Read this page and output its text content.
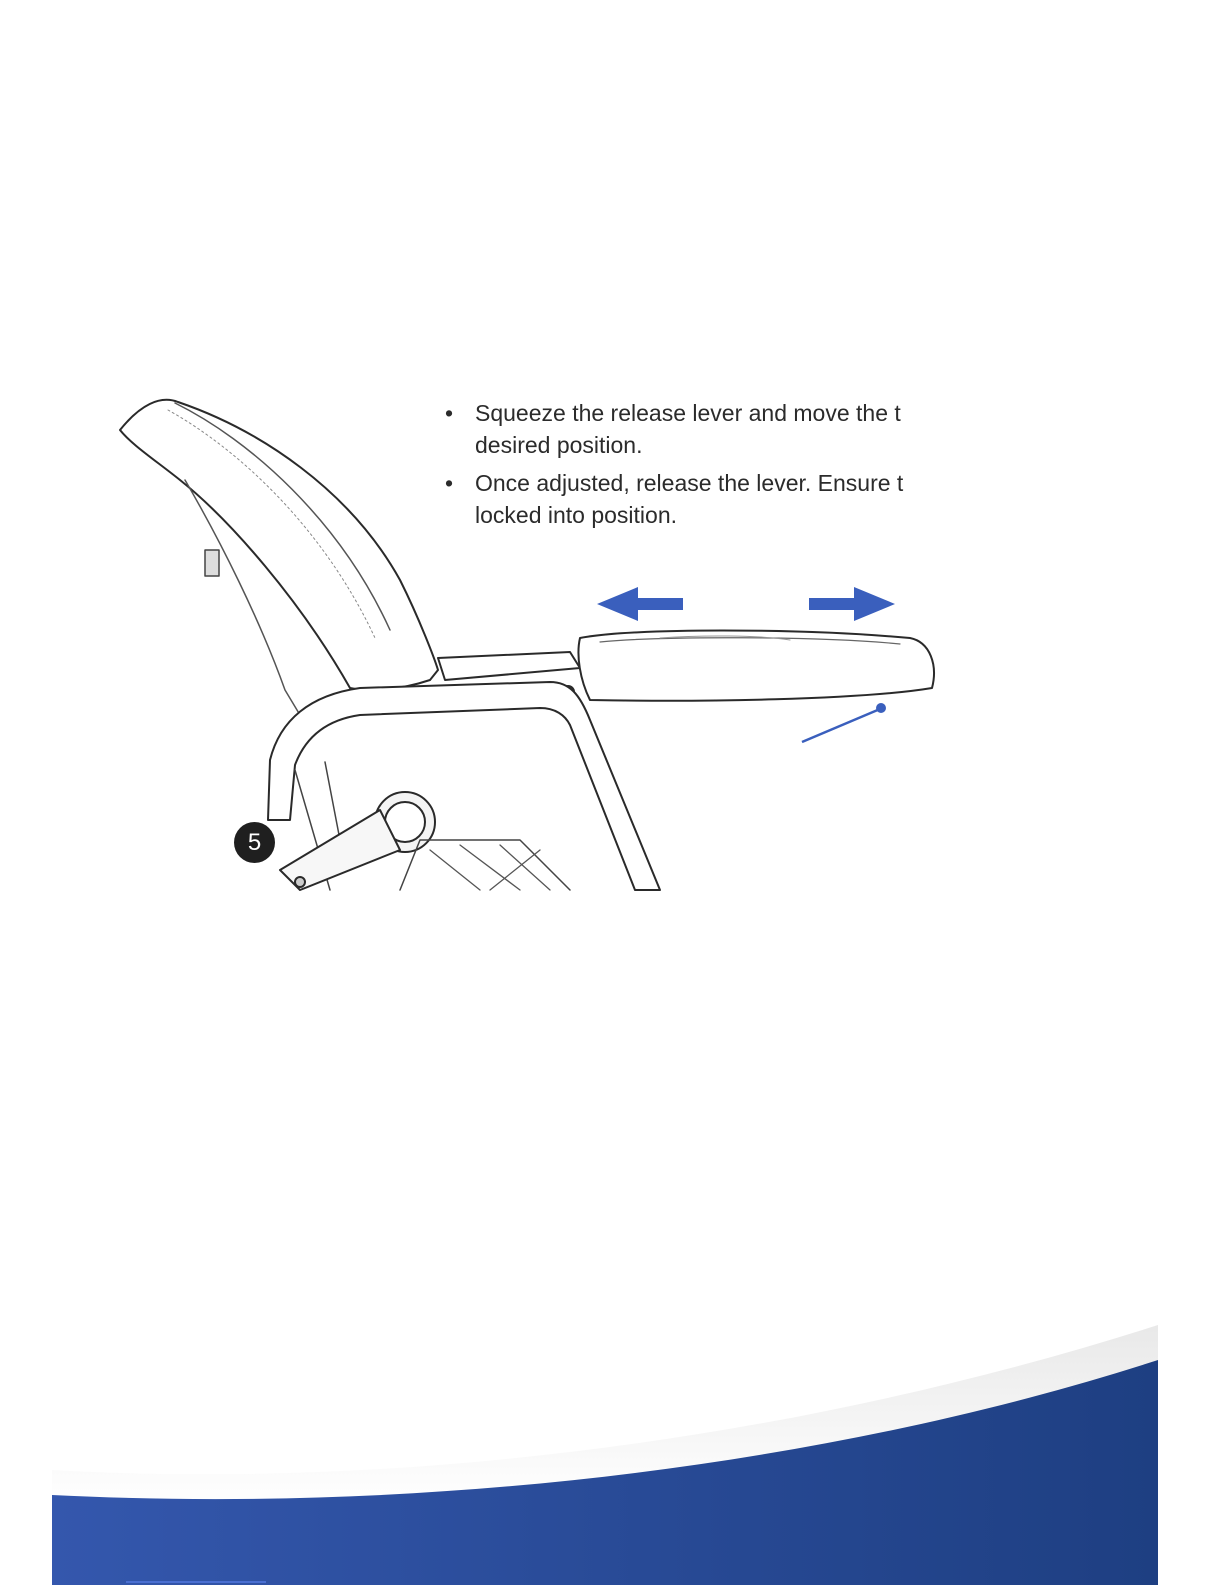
• Squeeze the release lever and move the t
desired position.
• Once adjusted, release the lever. Ensure t
locked into position.
5
